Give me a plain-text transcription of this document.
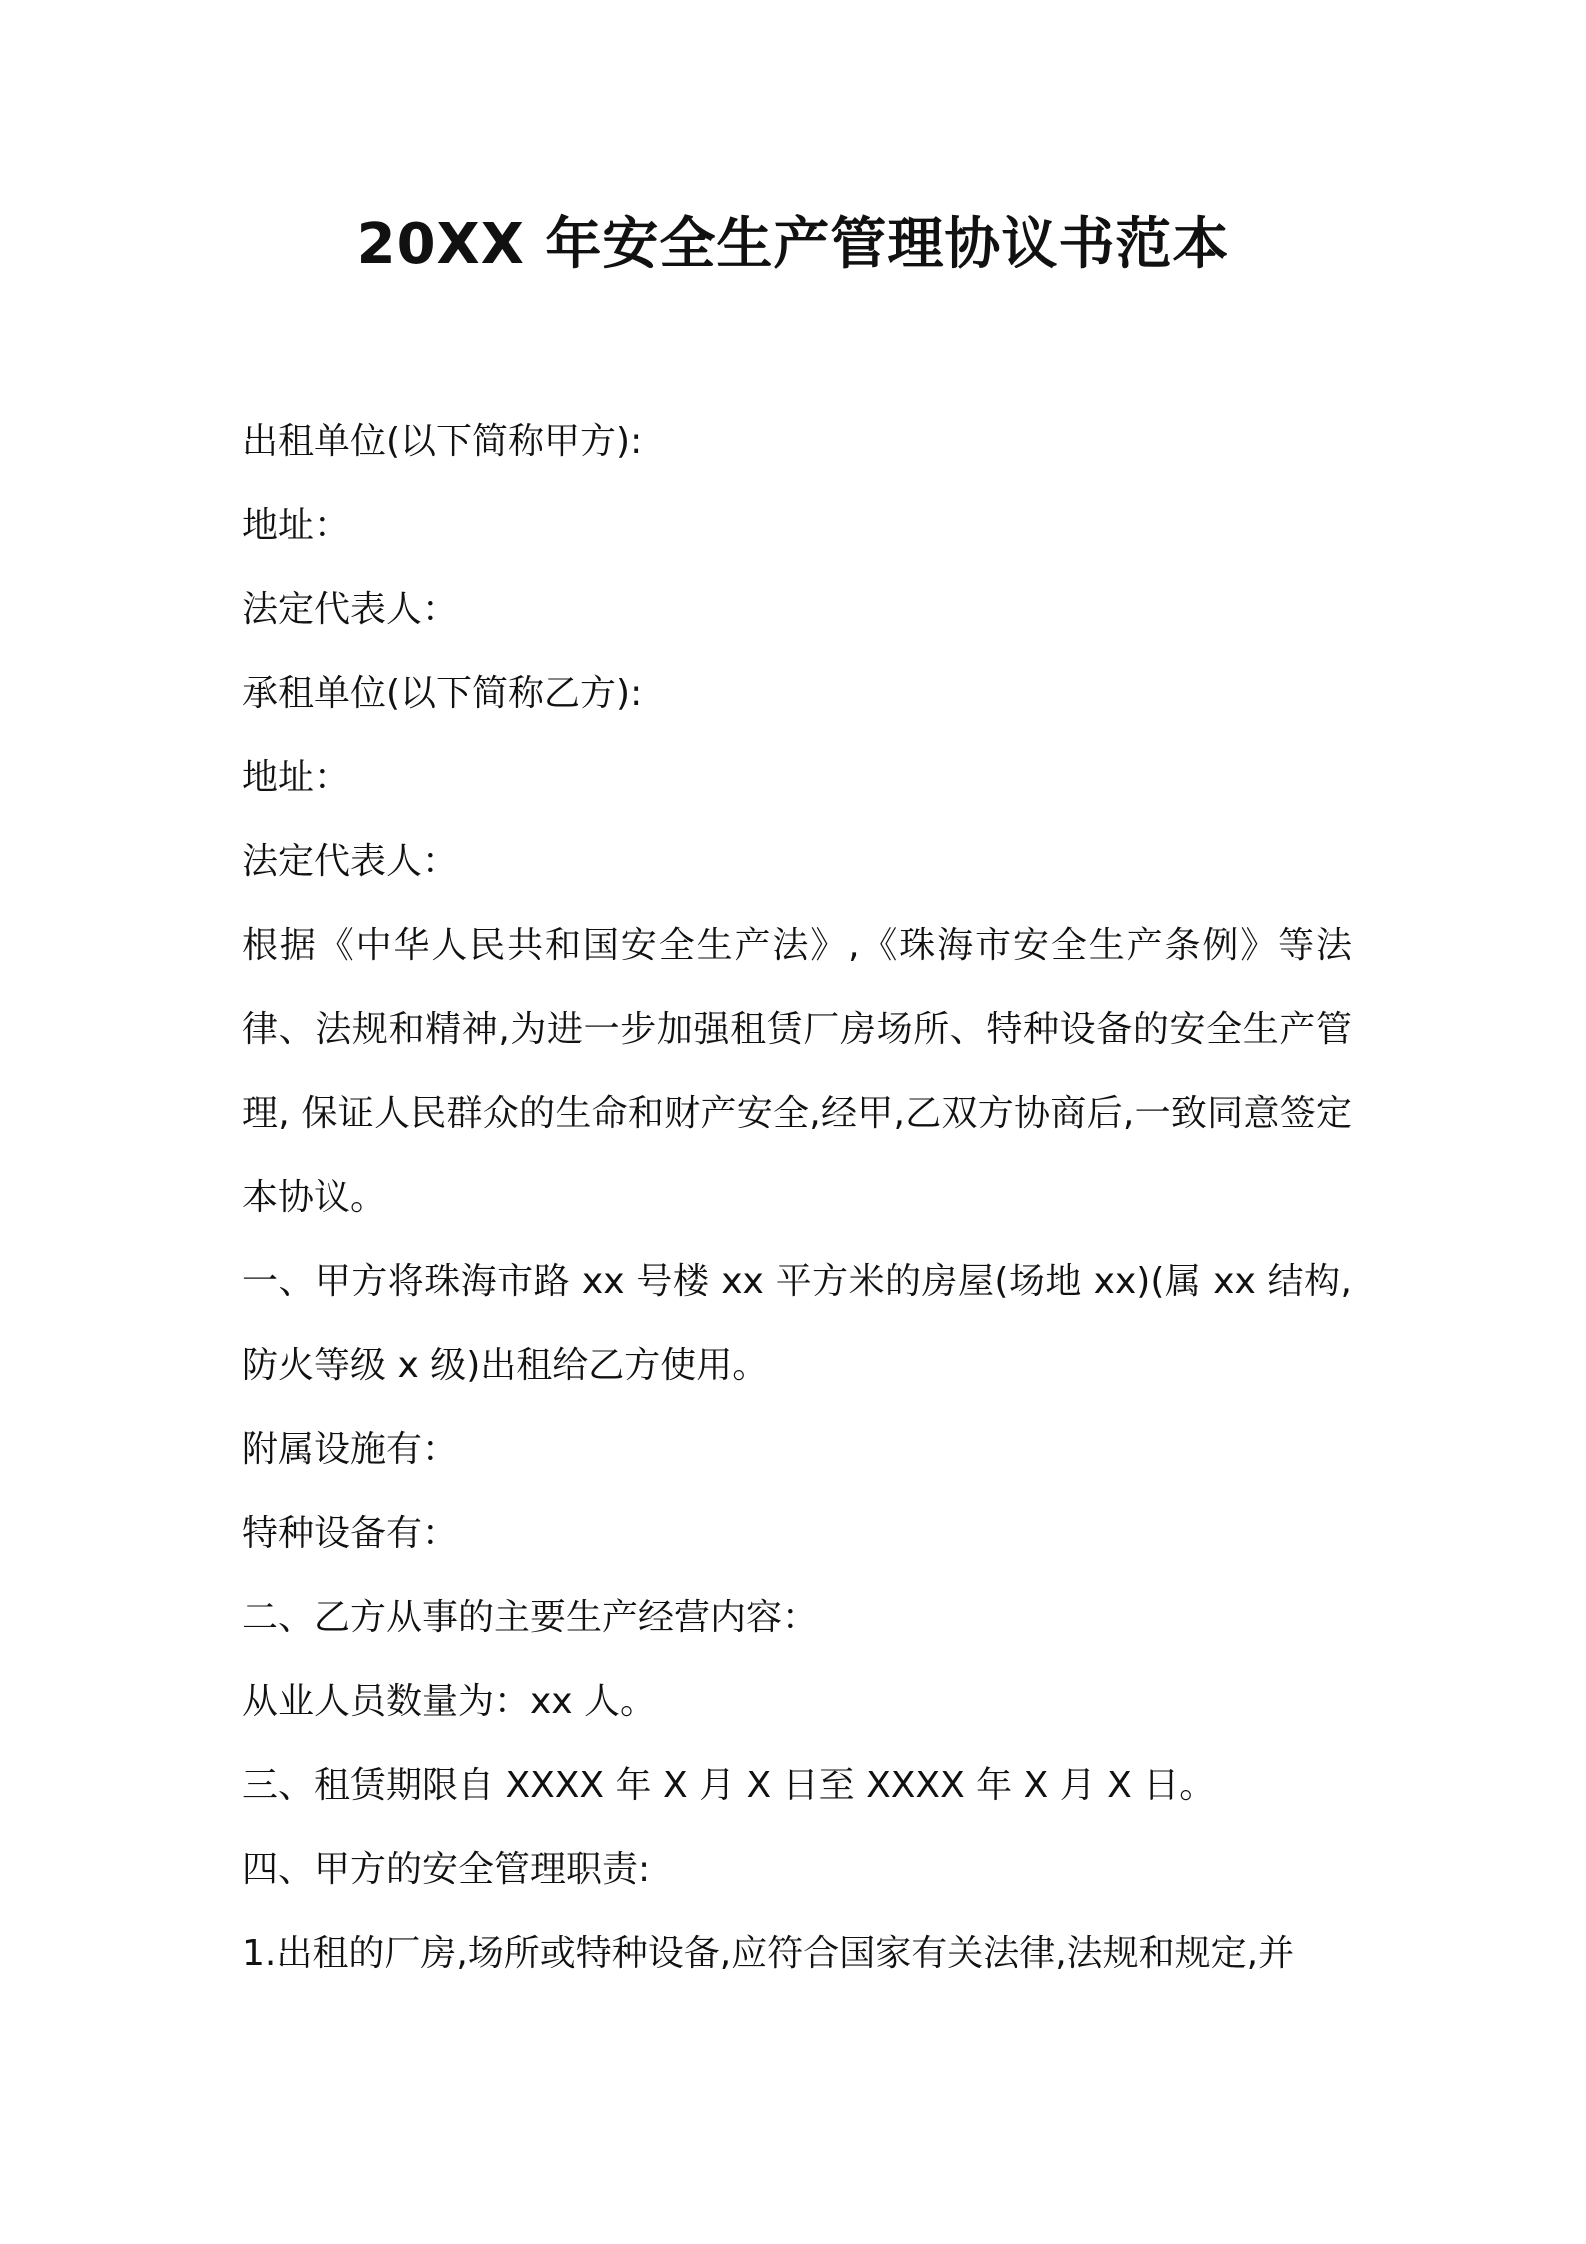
20XX 年安全生产管理协议书范本

出租单位(以下简称甲方):

地址：

法定代表人：

承租单位(以下简称乙方):

地址：

法定代表人：

根据《中华人民共和国安全生产法》,《珠海市安全生产条例》等法律、法规和精神,为进一步加强租赁厂房场所、特种设备的安全生产管理, 保证人民群众的生命和财产安全,经甲,乙双方协商后,一致同意签定本协议。

一、甲方将珠海市路 xx 号楼 xx 平方米的房屋(场地 xx)(属 xx 结构,防火等级 x 级)出租给乙方使用。

附属设施有：

特种设备有：

二、乙方从事的主要生产经营内容：

从业人员数量为：xx 人。

三、租赁期限自 XXXX 年 X 月 X 日至 XXXX 年 X 月 X 日。

四、甲方的安全管理职责:

1.出租的厂房,场所或特种设备,应符合国家有关法律,法规和规定,并
